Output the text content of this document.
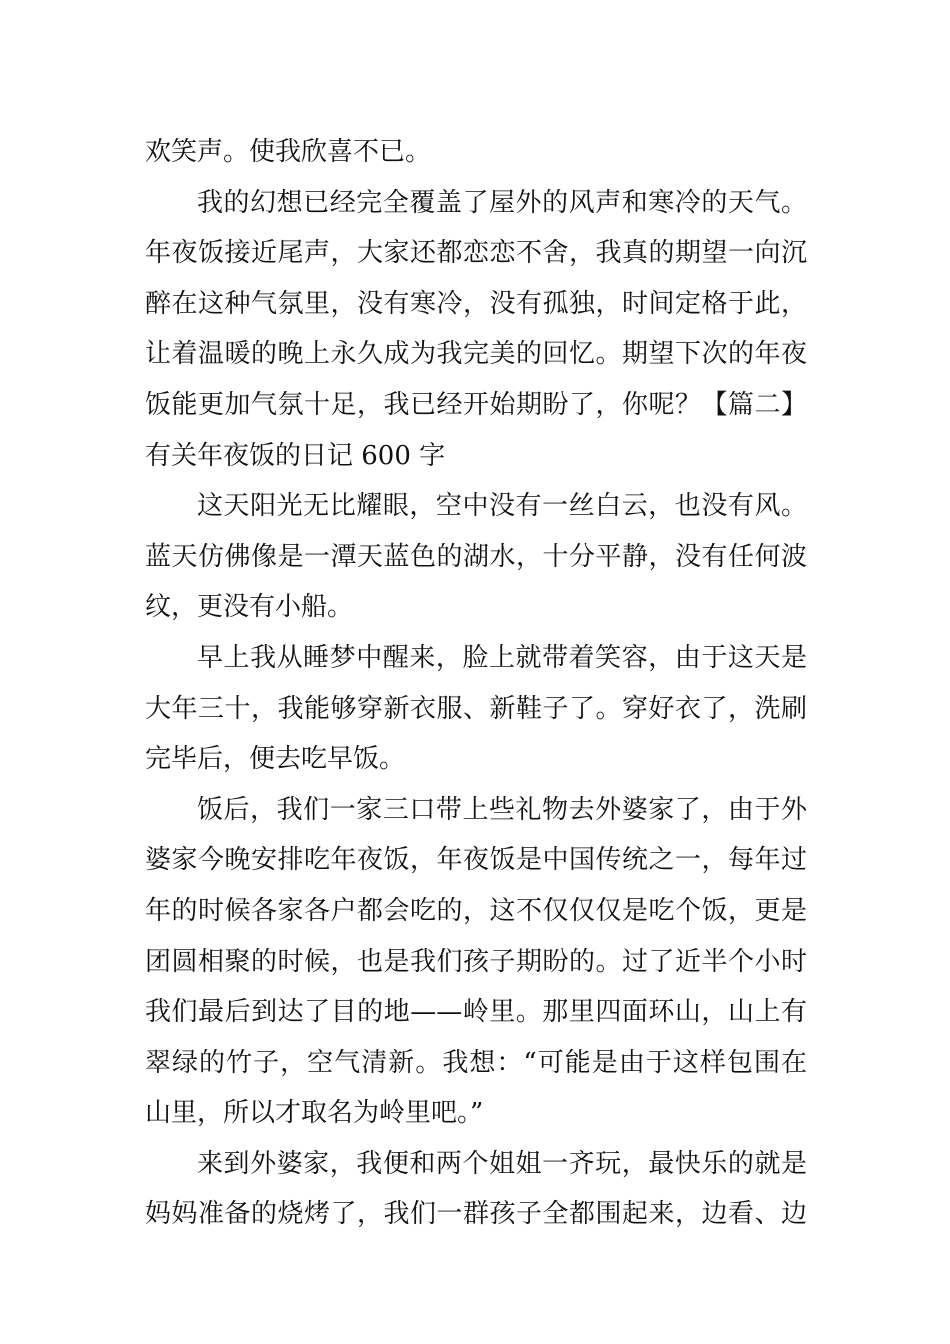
欢笑声。使我欣喜不已。
我的幻想已经完全覆盖了屋外的风声和寒冷的天气。
年夜饭接近尾声，大家还都恋恋不舍，我真的期望一向沉
醉在这种气氛里，没有寒冷，没有孤独，时间定格于此，
让着温暖的晚上永久成为我完美的回忆。期望下次的年夜
饭能更加气氛十足，我已经开始期盼了，你呢？【篇二】
有关年夜饭的日记 600 字
这天阳光无比耀眼，空中没有一丝白云，也没有风。
蓝天仿佛像是一潭天蓝色的湖水，十分平静，没有任何波
纹，更没有小船。
早上我从睡梦中醒来，脸上就带着笑容，由于这天是
大年三十，我能够穿新衣服、新鞋子了。穿好衣了，洗刷
完毕后，便去吃早饭。
饭后，我们一家三口带上些礼物去外婆家了，由于外
婆家今晚安排吃年夜饭，年夜饭是中国传统之一，每年过
年的时候各家各户都会吃的，这不仅仅仅是吃个饭，更是
团圆相聚的时候，也是我们孩子期盼的。过了近半个小时
我们最后到达了目的地——岭里。那里四面环山，山上有
翠绿的竹子，空气清新。我想：“可能是由于这样包围在
山里，所以才取名为岭里吧。”
来到外婆家，我便和两个姐姐一齐玩，最快乐的就是
妈妈准备的烧烤了，我们一群孩子全都围起来，边看、边
